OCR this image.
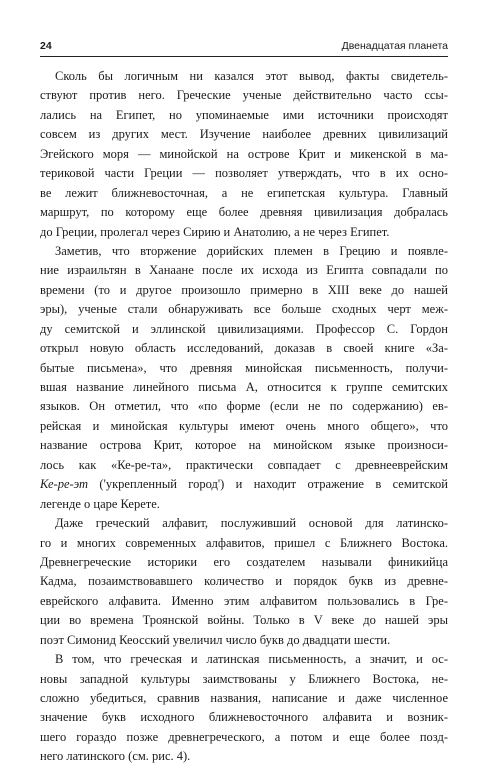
24	Двенадцатая планета
Сколь бы логичным ни казался этот вывод, факты свидетель-
ствуют против него. Греческие ученые действительно часто ссы-
лались на Египет, но упоминаемые ими источники происходят
совсем из других мест. Изучение наиболее древних цивилизаций
Эгейского моря — минойской на острове Крит и микенской в ма-
териковой части Греции — позволяет утверждать, что в их осно-
ве лежит ближневосточная, а не египетская культура. Главный
маршрут, по которому еще более древняя цивилизация добралась
до Греции, пролегал через Сирию и Анатолию, а не через Египет.
Заметив, что вторжение дорийских племен в Грецию и появле-
ние израильтян в Ханаане после их исхода из Египта совпадали по
времени (то и другое произошло примерно в XIII веке до нашей
эры), ученые стали обнаруживать все больше сходных черт меж-
ду семитской и эллинской цивилизациями. Профессор С. Гордон
открыл новую область исследований, доказав в своей книге «За-
бытые письмена», что древняя минойская письменность, получи-
вшая название линейного письма А, относится к группе семитских
языков. Он отметил, что «по форме (если не по содержанию) ев-
рейская и минойская культуры имеют очень много общего», что
название острова Крит, которое на минойском языке произноси-
лось как «Ке-ре-та», практически совпадает с древнееврейским
Ке-ре-эт ('укрепленный город') и находит отражение в семитской
легенде о царе Керете.
Даже греческий алфавит, послуживший основой для латинско-
го и многих современных алфавитов, пришел с Ближнего Востока.
Древнегреческие историки его создателем называли финикийца
Кадма, позаимствовавшего количество и порядок букв из древне-
еврейского алфавита. Именно этим алфавитом пользовались в Гре-
ции во времена Троянской войны. Только в V веке до нашей эры
поэт Симонид Кеосский увеличил число букв до двадцати шести.
В том, что греческая и латинская письменность, а значит, и ос-
новы западной культуры заимствованы у Ближнего Востока, не-
сложно убедиться, сравнив названия, написание и даже численное
значение букв исходного ближневосточного алфавита и возник-
шего гораздо позже древнегреческого, а потом и еще более позд-
него латинского (см. рис. 4).
